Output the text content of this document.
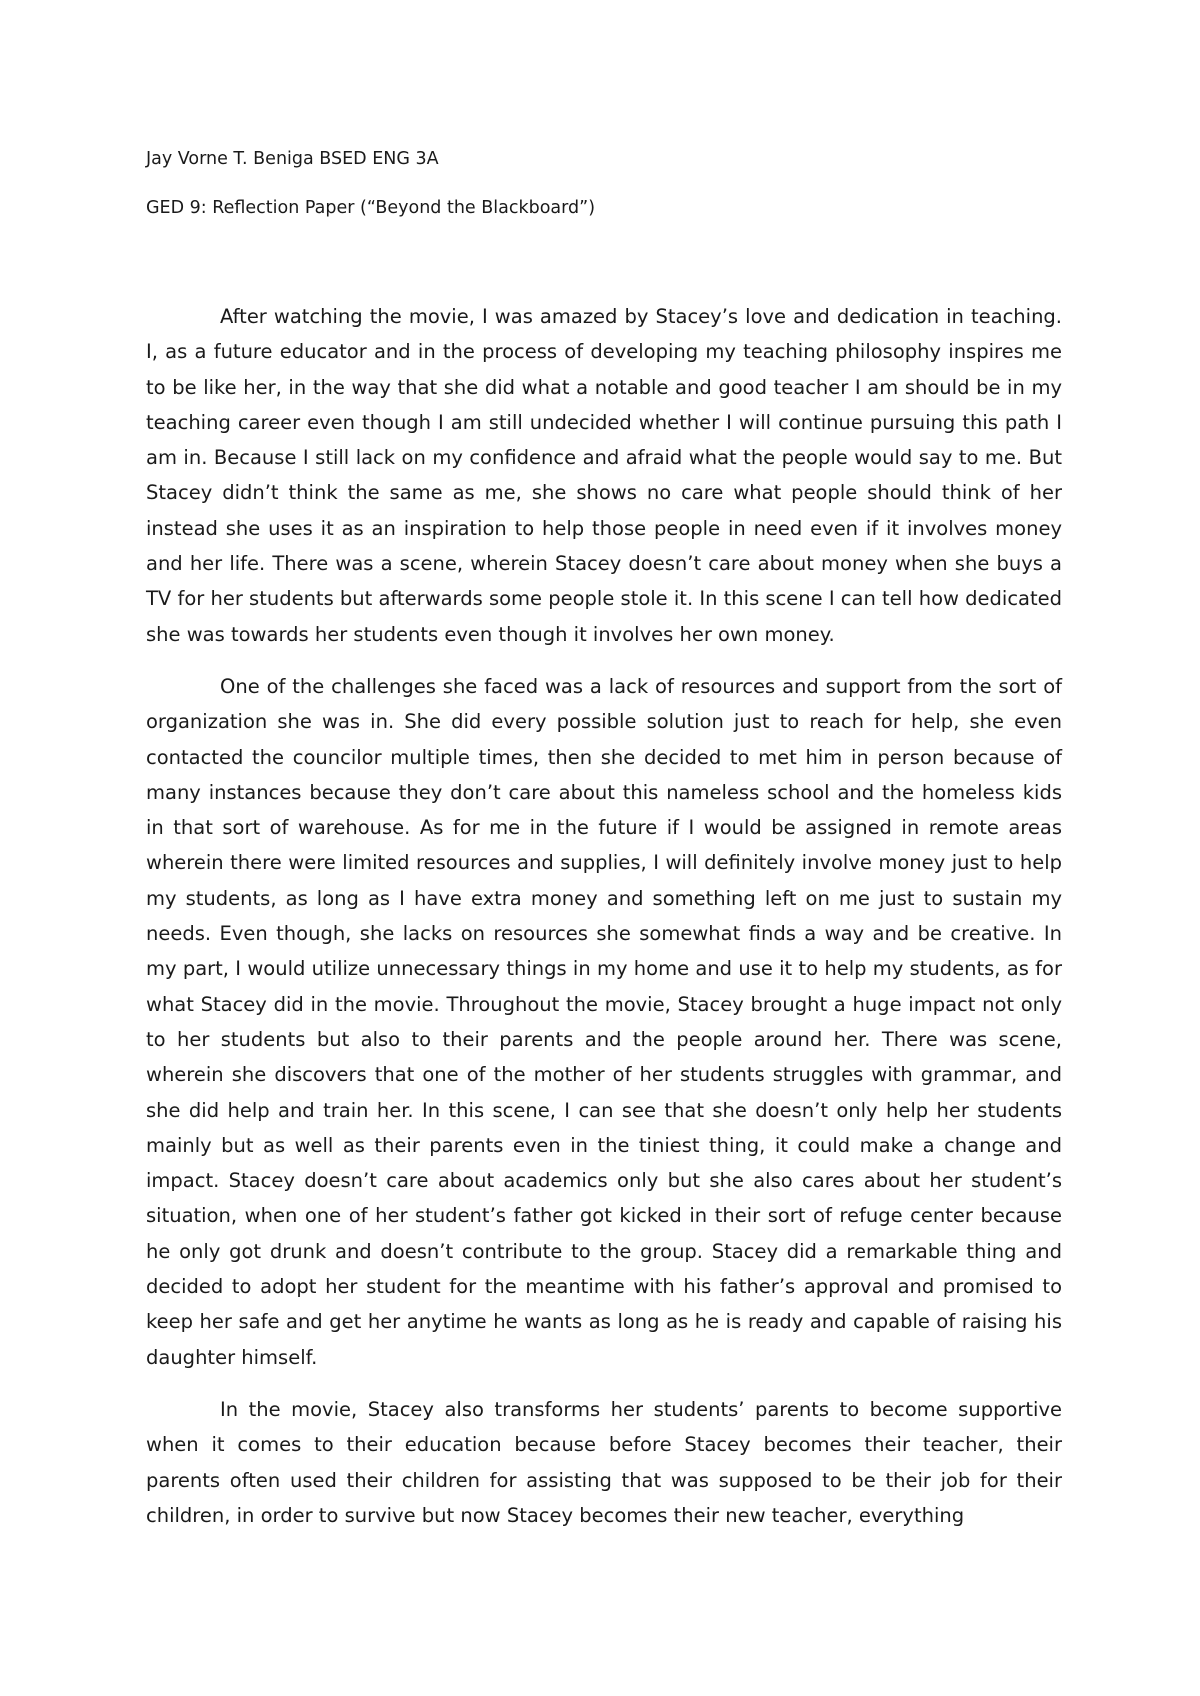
Jay Vorne T. Beniga BSED ENG 3A
GED 9: Reflection Paper (“Beyond the Blackboard”)

After watching the movie, I was amazed by Stacey’s love and dedication in teaching. I, as a future educator and in the process of developing my teaching philosophy inspires me to be like her, in the way that she did what a notable and good teacher I am should be in my teaching career even though I am still undecided whether I will continue pursuing this path I am in. Because I still lack on my confidence and afraid what the people would say to me. But Stacey didn’t think the same as me, she shows no care what people should think of her instead she uses it as an inspiration to help those people in need even if it involves money and her life. There was a scene, wherein Stacey doesn’t care about money when she buys a TV for her students but afterwards some people stole it. In this scene I can tell how dedicated she was towards her students even though it involves her own money.

One of the challenges she faced was a lack of resources and support from the sort of organization she was in. She did every possible solution just to reach for help, she even contacted the councilor multiple times, then she decided to met him in person because of many instances because they don’t care about this nameless school and the homeless kids in that sort of warehouse. As for me in the future if I would be assigned in remote areas wherein there were limited resources and supplies, I will definitely involve money just to help my students, as long as I have extra money and something left on me just to sustain my needs. Even though, she lacks on resources she somewhat finds a way and be creative. In my part, I would utilize unnecessary things in my home and use it to help my students, as for what Stacey did in the movie. Throughout the movie, Stacey brought a huge impact not only to her students but also to their parents and the people around her. There was scene, wherein she discovers that one of the mother of her students struggles with grammar, and she did help and train her. In this scene, I can see that she doesn’t only help her students mainly but as well as their parents even in the tiniest thing, it could make a change and impact. Stacey doesn’t care about academics only but she also cares about her student’s situation, when one of her student’s father got kicked in their sort of refuge center because he only got drunk and doesn’t contribute to the group. Stacey did a remarkable thing and decided to adopt her student for the meantime with his father’s approval and promised to keep her safe and get her anytime he wants as long as he is ready and capable of raising his daughter himself.

In the movie, Stacey also transforms her students’ parents to become supportive when it comes to their education because before Stacey becomes their teacher, their parents often used their children for assisting that was supposed to be their job for their children, in order to survive but now Stacey becomes their new teacher, everything
